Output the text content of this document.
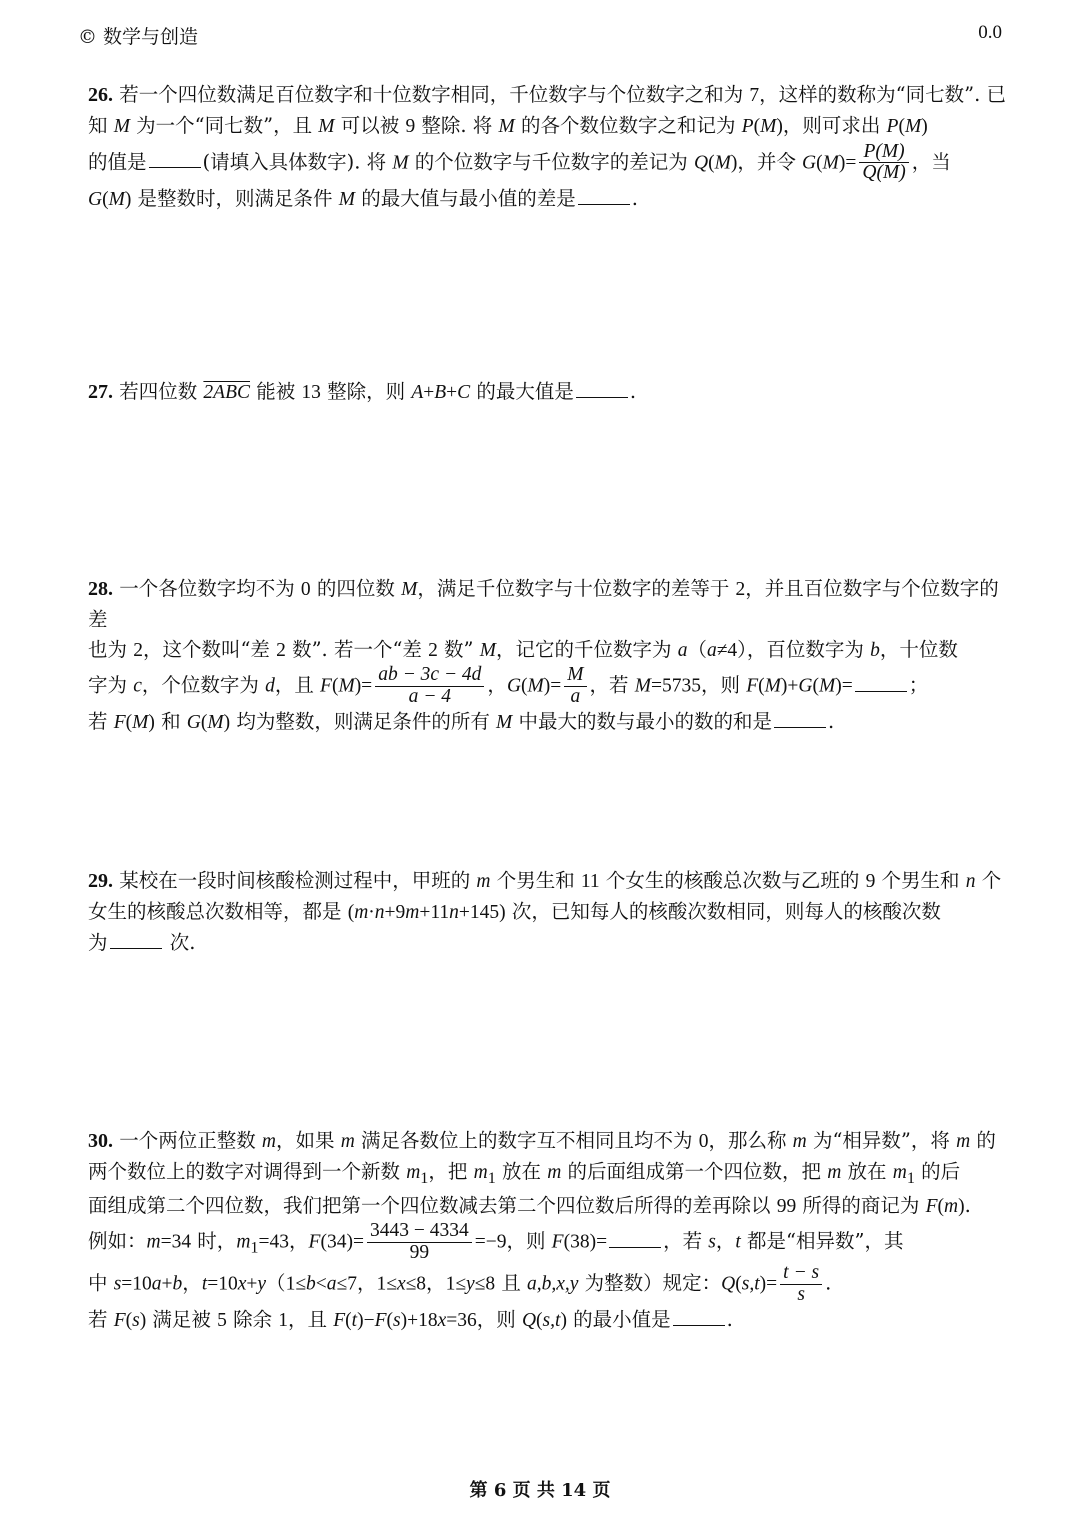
© 数学与创造	0.0
26. 若一个四位数满足百位数字和十位数字相同，千位数字与个位数字之和为 7，这样的数称为“同七数”. 已
知 M 为一个“同七数”，且 M 可以被 9 整除. 将 M 的各个数位数字之和记为 P(M)，则可求出 P(M)
的值是	(请填入具体数字). 将 M 的个位数字与千位数字的差记为 Q(M)，并令 $G(M)= \frac{P(M)}{Q(M)}$ ，当
G(M) 是整数时，则满足条件 M 的最大值与最小值的差是	.
27. 若四位数 2ABC 能被 13 整除，则 A+B+C 的最大值是	.
28. 一个各位数字均不为 0 的四位数 M，满足千位数字与十位数字的差等于 2，并且百位数字与个位数字的差
也为 2，这个数叫“差 2 数”. 若一个“差 2 数” M，记它的千位数字为 a（a≠4），百位数字为 b，十位数
字为 c，个位数字为 d，且 $F(M)= \frac{ab - 3c - 4d}{a - 4}$ ，$G(M)= \frac{M}{a}$ ，若 M=5735，则 F(M)+G(M)=	；
若 F(M) 和 G(M) 均为整数，则满足条件的所有 M 中最大的数与最小的数的和是	.
29. 某校在一段时间核酸检测过程中，甲班的 m 个男生和 11 个女生的核酸总次数与乙班的 9 个男生和 n 个
女生的核酸总次数相等，都是 (m·n+9m+11n+145) 次，已知每人的核酸次数相同，则每人的核酸次数
为	次.
30. 一个两位正整数 m，如果 m 满足各数位上的数字互不相同且均不为 0，那么称 m 为“相异数”，将 m 的
两个数位上的数字对调得到一个新数 $m_1$，把 $m_1$ 放在 m 的后面组成第一个四位数，把 m 放在 $m_1$ 的后
面组成第二个四位数，我们把第一个四位数减去第二个四位数后所得的差再除以 99 所得的商记为 F(m).
例如：m=34 时，$m_1=43$，$F(34)= \frac{3443 - 4334}{99} =-9$，则 F(38)=	，若 s，t 都是“相异数”，其
中 s=10a+b，t=10x+y（1≤b<a≤7，1≤x≤8，1≤y≤8 且 a,b,x,y 为整数）规定：$Q(s,t)= \frac{t - s}{s}$ .
若 F(s) 满足被 5 除余 1，且 F(t)−F(s)+18x=36，则 Q(s,t) 的最小值是	.
第 6 页 共 14 页
